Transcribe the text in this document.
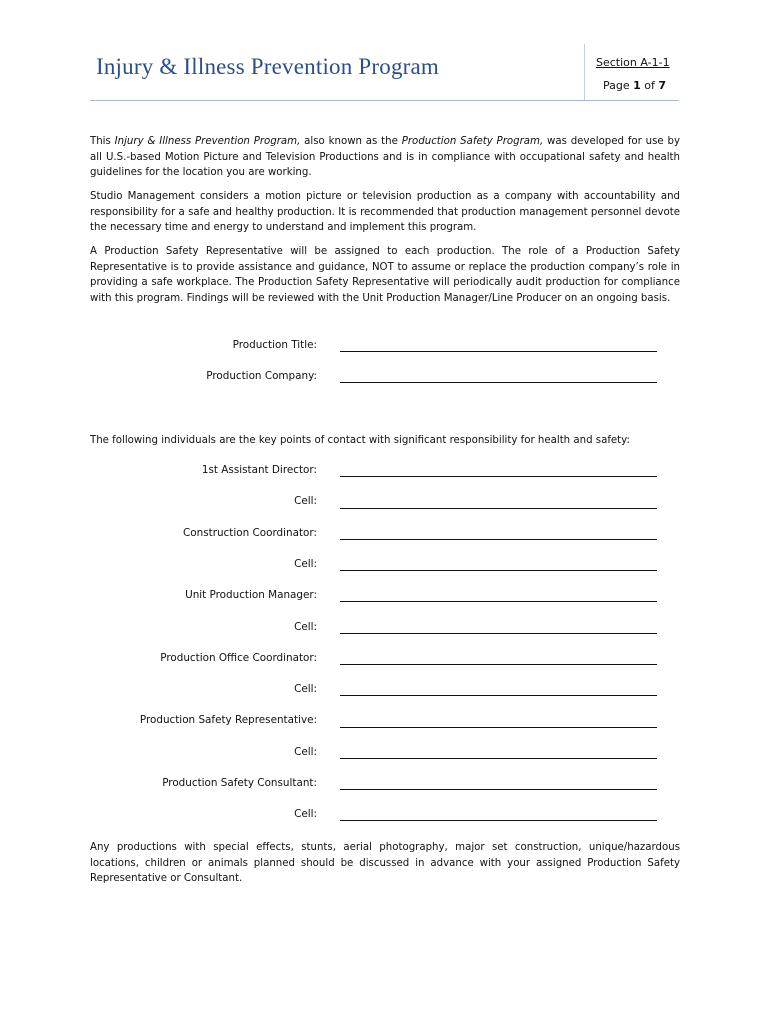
Injury & Illness Prevention Program	Section A-1-1
Page 1 of 7

This Injury & Illness Prevention Program, also known as the Production Safety Program, was developed for use by all U.S.-based Motion Picture and Television Productions and is in compliance with occupational safety and health guidelines for the location you are working.

Studio Management considers a motion picture or television production as a company with accountability and responsibility for a safe and healthy production. It is recommended that production management personnel devote the necessary time and energy to understand and implement this program.

A Production Safety Representative will be assigned to each production. The role of a Production Safety Representative is to provide assistance and guidance, NOT to assume or replace the production company’s role in providing a safe workplace. The Production Safety Representative will periodically audit production for compliance with this program. Findings will be reviewed with the Unit Production Manager/Line Producer on an ongoing basis.

Production Title:
Production Company:

The following individuals are the key points of contact with significant responsibility for health and safety:

1st Assistant Director:
Cell:
Construction Coordinator:
Cell:
Unit Production Manager:
Cell:
Production Office Coordinator:
Cell:
Production Safety Representative:
Cell:
Production Safety Consultant:
Cell:

Any productions with special effects, stunts, aerial photography, major set construction, unique/hazardous locations, children or animals planned should be discussed in advance with your assigned Production Safety Representative or Consultant.
